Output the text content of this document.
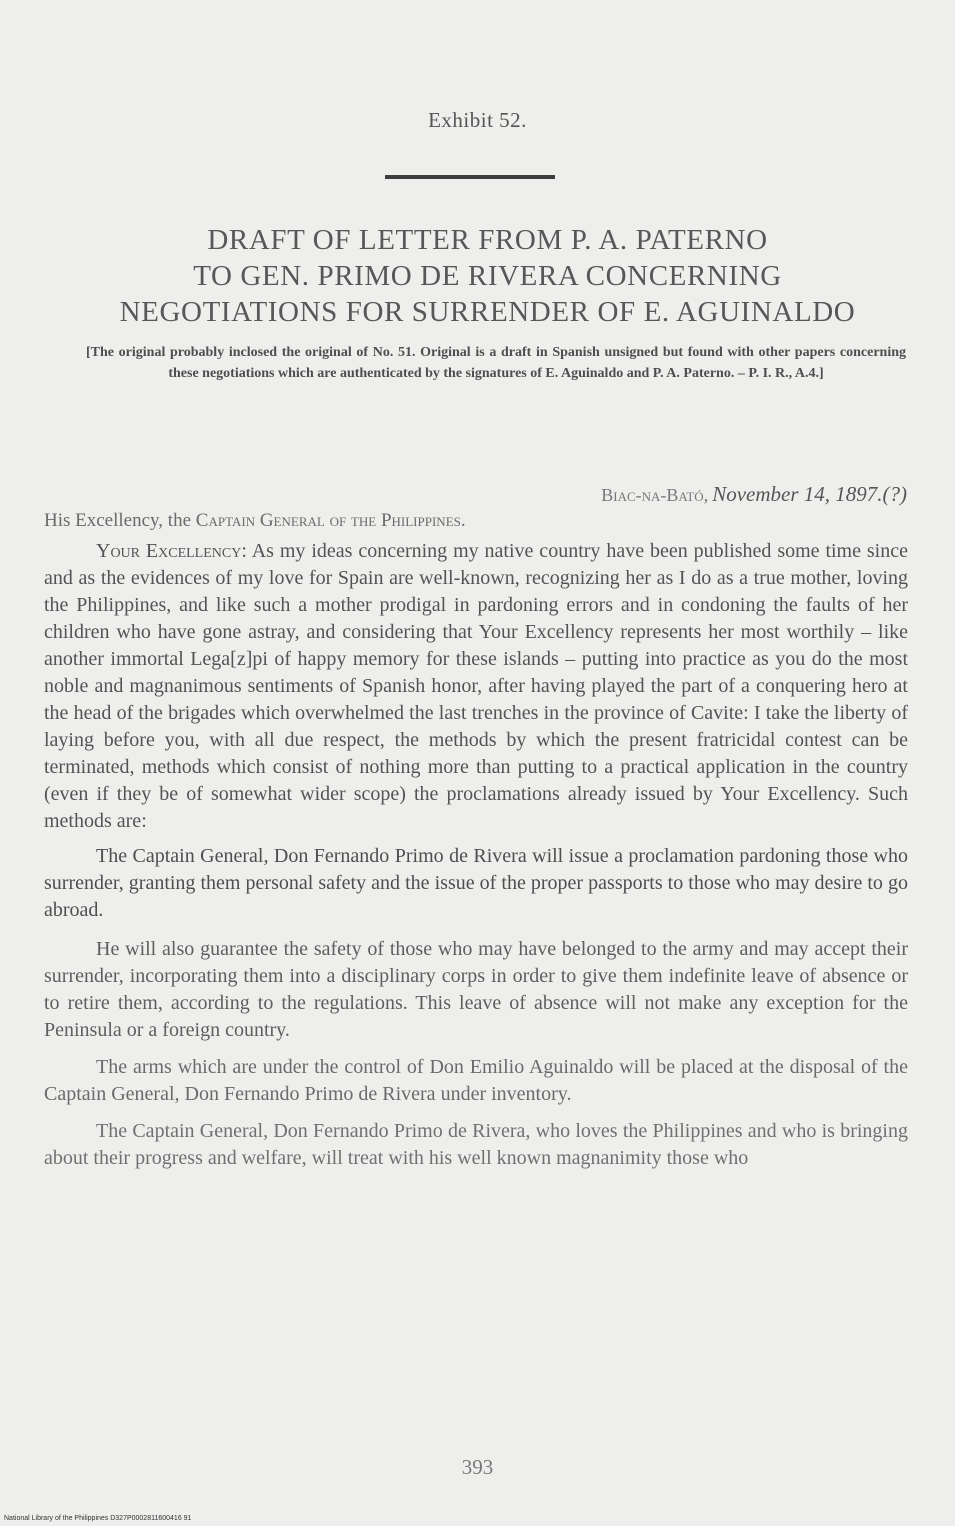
Exhibit 52.
DRAFT OF LETTER FROM P. A. PATERNO
TO GEN. PRIMO DE RIVERA CONCERNING
NEGOTIATIONS FOR SURRENDER OF E. AGUINALDO
[The original probably inclosed the original of No. 51. Original is a draft in Spanish unsigned but found with other papers concerning these negotiations which are authenticated by the signatures of E. Aguinaldo and P. A. Paterno. – P. I. R., A.4.]
Biac-na-Bató, November 14, 1897.(?)
His Excellency, the Captain General of the Philippines.

Your Excellency: As my ideas concerning my native country have been published some time since and as the evidences of my love for Spain are well-known, recognizing her as I do as a true mother, loving the Philippines, and like such a mother prodigal in pardoning errors and in condoning the faults of her children who have gone astray, and considering that Your Excellency represents her most worthily – like another immortal Lega[z]pi of happy memory for these islands – putting into practice as you do the most noble and magnanimous sentiments of Spanish honor, after having played the part of a conquering hero at the head of the brigades which overwhelmed the last trenches in the province of Cavite: I take the liberty of laying before you, with all due respect, the methods by which the present fratricidal contest can be terminated, methods which consist of nothing more than putting to a practical application in the country (even if they be of somewhat wider scope) the proclamations already issued by Your Excellency. Such methods are:

The Captain General, Don Fernando Primo de Rivera will issue a proclamation pardoning those who surrender, granting them personal safety and the issue of the proper passports to those who may desire to go abroad.

He will also guarantee the safety of those who may have belonged to the army and may accept their surrender, incorporating them into a disciplinary corps in order to give them indefinite leave of absence or to retire them, according to the regulations. This leave of absence will not make any exception for the Peninsula or a foreign country.

The arms which are under the control of Don Emilio Aguinaldo will be placed at the disposal of the Captain General, Don Fernando Primo de Rivera under inventory.

The Captain General, Don Fernando Primo de Rivera, who loves the Philippines and who is bringing about their progress and welfare, will treat with his well known magnanimity those who

393
National Library of the Philippines D327P0002811600416 91
